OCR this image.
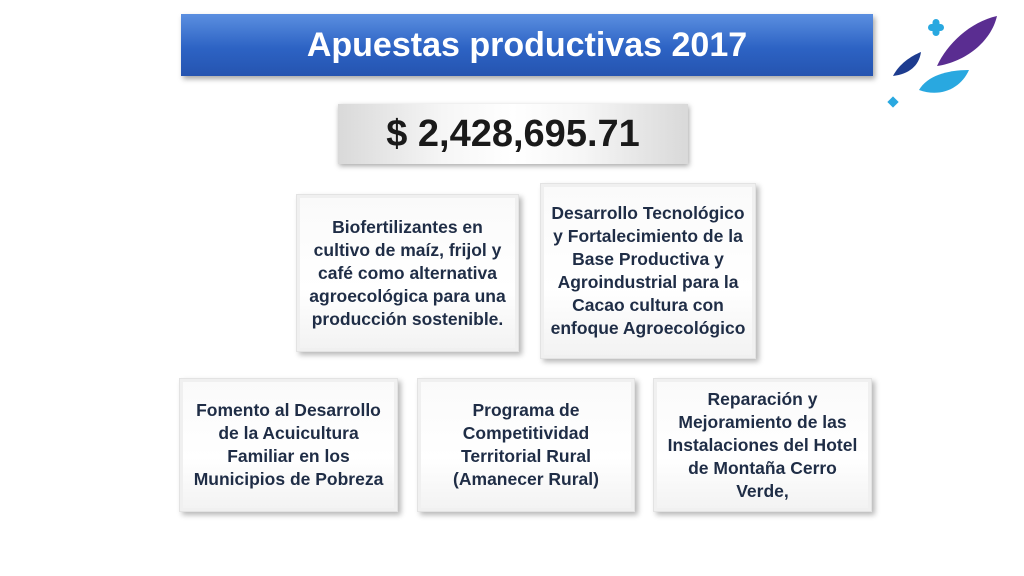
Apuestas productivas 2017
$ 2,428,695.71
Biofertilizantes en cultivo de maíz, frijol y café como alternativa agroecológica para una producción sostenible.
Desarrollo Tecnológico y Fortalecimiento de la Base Productiva y Agroindustrial para la Cacao cultura con enfoque Agroecológico
Fomento al Desarrollo de la Acuicultura Familiar en los Municipios de Pobreza
Programa de Competitividad Territorial Rural (Amanecer Rural)
Reparación y Mejoramiento de las Instalaciones del Hotel de Montaña Cerro Verde,
